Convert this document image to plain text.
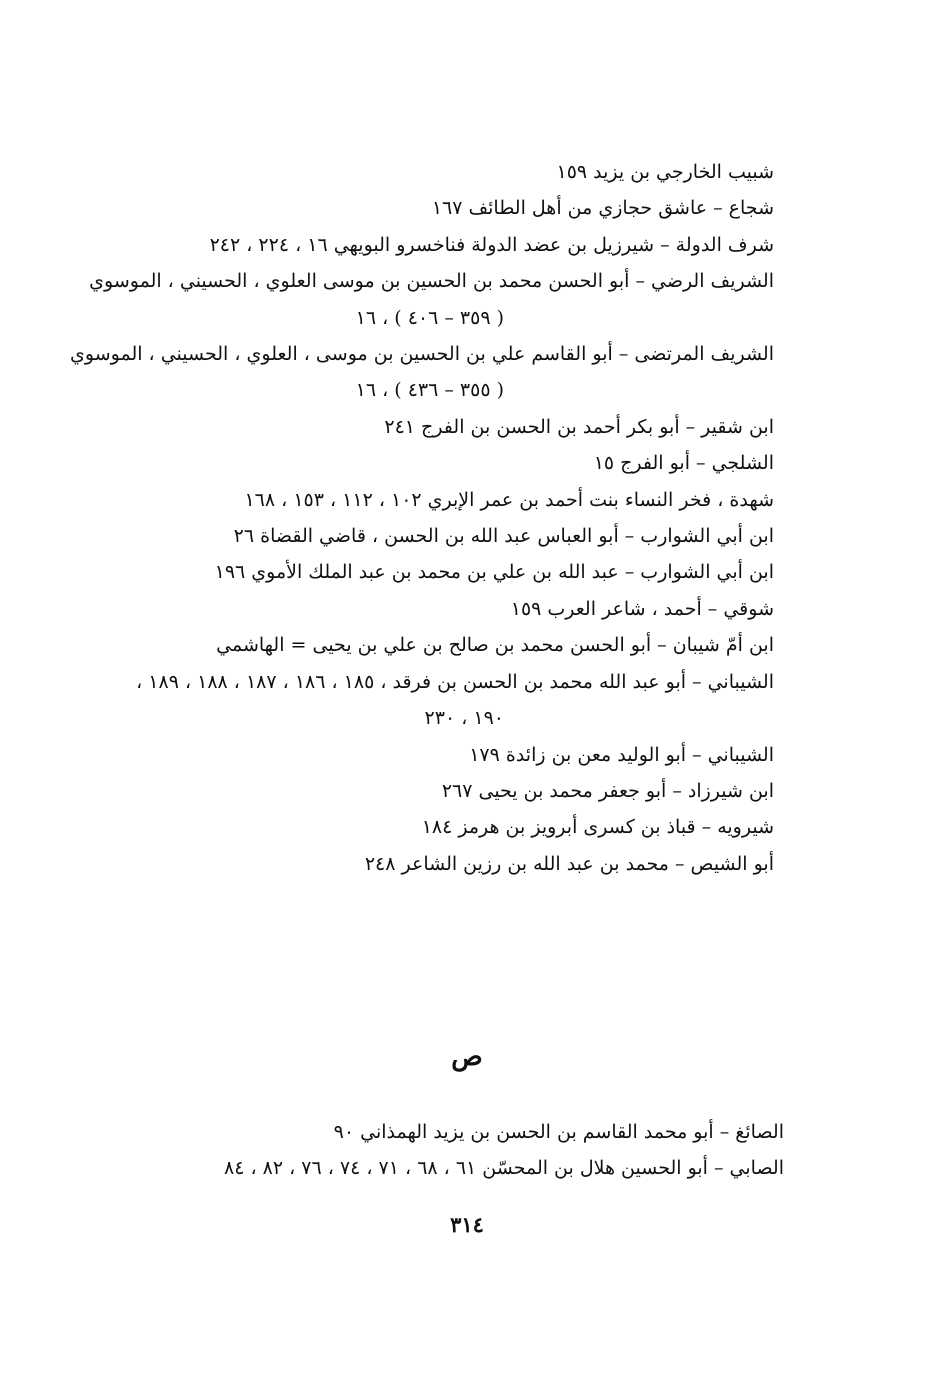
شبيب الخارجي بن يزيد ١٥٩
شجاع – عاشق حجازي من أهل الطائف ١٦٧
شرف الدولة – شيرزيل بن عضد الدولة فناخسرو البويهي ١٦ ، ٢٢٤ ، ٢٤٢
الشريف الرضي – أبو الحسن محمد بن الحسين بن موسى العلوي ، الحسيني ، الموسوي
( ٣٥٩ – ٤٠٦ ) ، ١٦
الشريف المرتضى – أبو القاسم علي بن الحسين بن موسى ، العلوي ، الحسيني ، الموسوي
( ٣٥٥ – ٤٣٦ ) ، ١٦
ابن شقير – أبو بكر أحمد بن الحسن بن الفرج ٢٤١
الشلجي – أبو الفرج ١٥
شهدة ، فخر النساء بنت أحمد بن عمر الإبري ١٠٢ ، ١١٢ ، ١٥٣ ، ١٦٨
ابن أبي الشوارب – أبو العباس عبد الله بن الحسن ، قاضي القضاة ٢٦
ابن أبي الشوارب – عبد الله بن علي بن محمد بن عبد الملك الأموي ١٩٦
شوقي – أحمد ، شاعر العرب ١٥٩
ابن أمّ شيبان – أبو الحسن محمد بن صالح بن علي بن يحيى = الهاشمي
الشيباني – أبو عبد الله محمد بن الحسن بن فرقد ، ١٨٥ ، ١٨٦ ، ١٨٧ ، ١٨٨ ، ١٨٩ ،
١٩٠ ، ٢٣٠
الشيباني – أبو الوليد معن بن زائدة ١٧٩
ابن شيرزاد – أبو جعفر محمد بن يحيى ٢٦٧
شيرويه – قباذ بن كسرى أبرويز بن هرمز ١٨٤
أبو الشيص – محمد بن عبد الله بن رزين الشاعر ٢٤٨
ص
الصائغ – أبو محمد القاسم بن الحسن بن يزيد الهمذاني ٩٠
الصابي – أبو الحسين هلال بن المحسّن ٦١ ، ٦٨ ، ٧١ ، ٧٤ ، ٧٦ ، ٨٢ ، ٨٤
٣١٤
